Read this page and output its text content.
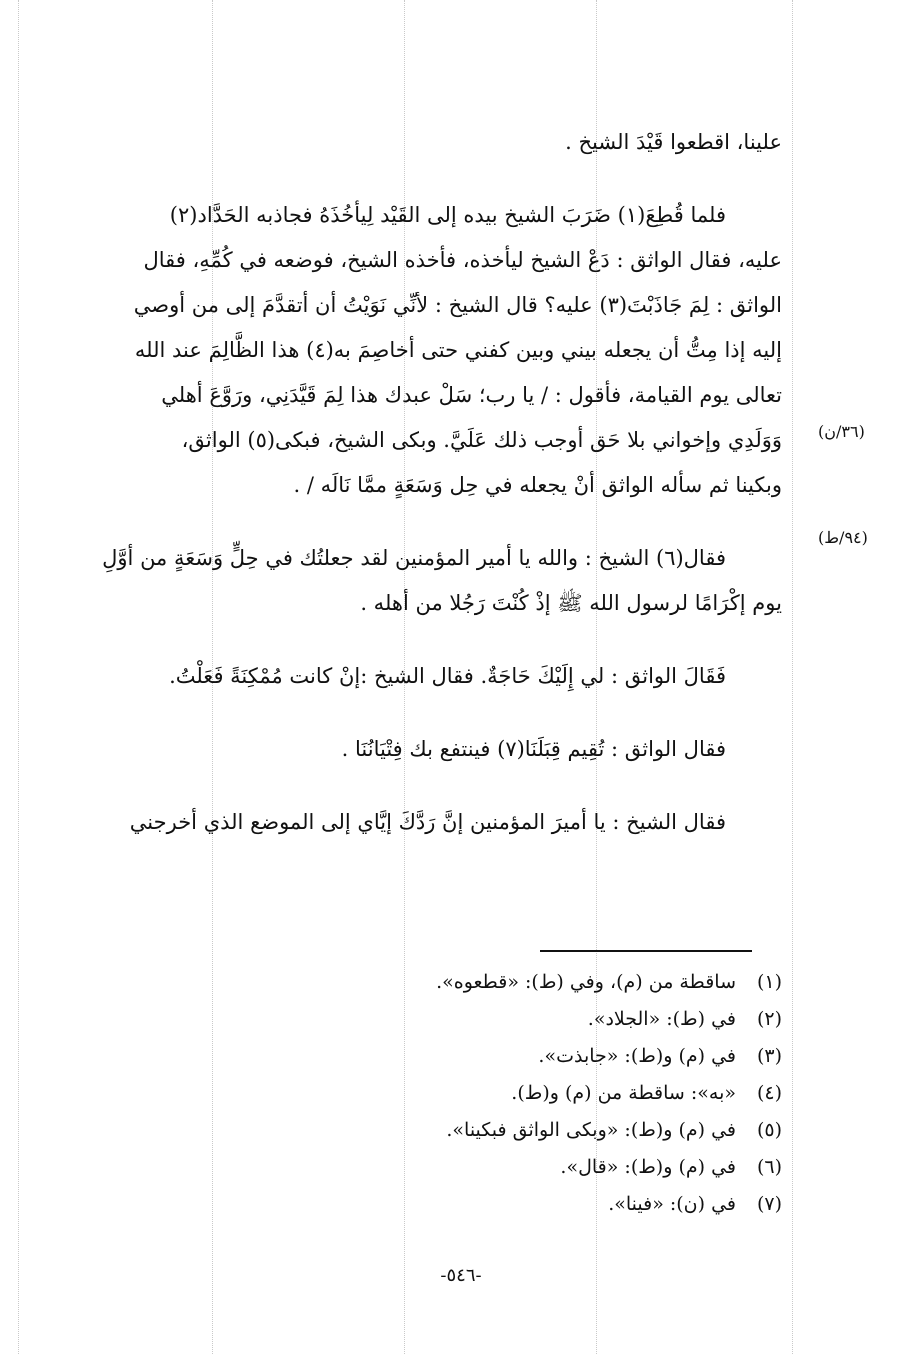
علينا، اقطعوا قَيْدَ الشيخ .

فلما قُطِعَ(١) ضَرَبَ الشيخ بيده إلى القَيْد لِيأخُذَهُ فجاذبه الحَدَّاد(٢)
عليه، فقال الواثق : دَعْ الشيخ ليأخذه، فأخذه الشيخ، فوضعه في كُمِّهِ، فقال
الواثق : لِمَ جَاذَبْتَ(٣) عليه؟ قال الشيخ : لأنِّي نَوَيْتُ أن أتقدَّمَ إلى من أوصي
إليه إذا مِتُّ أن يجعله بيني وبين كفني حتى أخاصِمَ به(٤) هذا الظَّالِمَ عند الله
تعالى يوم القيامة، فأقول : / يا رب؛ سَلْ عبدك هذا لِمَ قَيَّدَنِي، ورَوَّعَ أهلي
وَوَلَدِي وإخواني بلا حَق أوجب ذلك عَلَيَّ. وبكى الشيخ، فبكى(٥) الواثق،
وبكينا ثم سأله الواثق أنْ يجعله في حِل وَسَعَةٍ ممَّا نَالَه / .

فقال(٦) الشيخ : والله يا أمير المؤمنين لقد جعلتُك في حِلٍّ وَسَعَةٍ من أوَّلِ
يوم إكْرَامًا لرسول الله ﷺ إذْ كُنْتَ رَجُلا من أهله .

فَقَالَ الواثق : لي إِلَيْكَ حَاجَةٌ. فقال الشيخ :إنْ كانت مُمْكِنَةً فَعَلْتُ.

فقال الواثق : تُقِيم قِبَلَنَا(٧) فينتفع بك فِتْيَانُنَا .

فقال الشيخ : يا أميرَ المؤمنين إنَّ رَدَّكَ إيَّاي إلى الموضع الذي أخرجني

(٣٦/ن)
(٩٤/ط)
(١)ساقطة من (م)، وفي (ط): «قطعوه».
(٢)في (ط): «الجلاد».
(٣)في (م) و(ط): «جابذت».
(٤)«به»: ساقطة من (م) و(ط).
(٥)في (م) و(ط): «وبكى الواثق فبكينا».
(٦)في (م) و(ط): «قال».
(٧)في (ن): «فينا».
-٥٤٦-
